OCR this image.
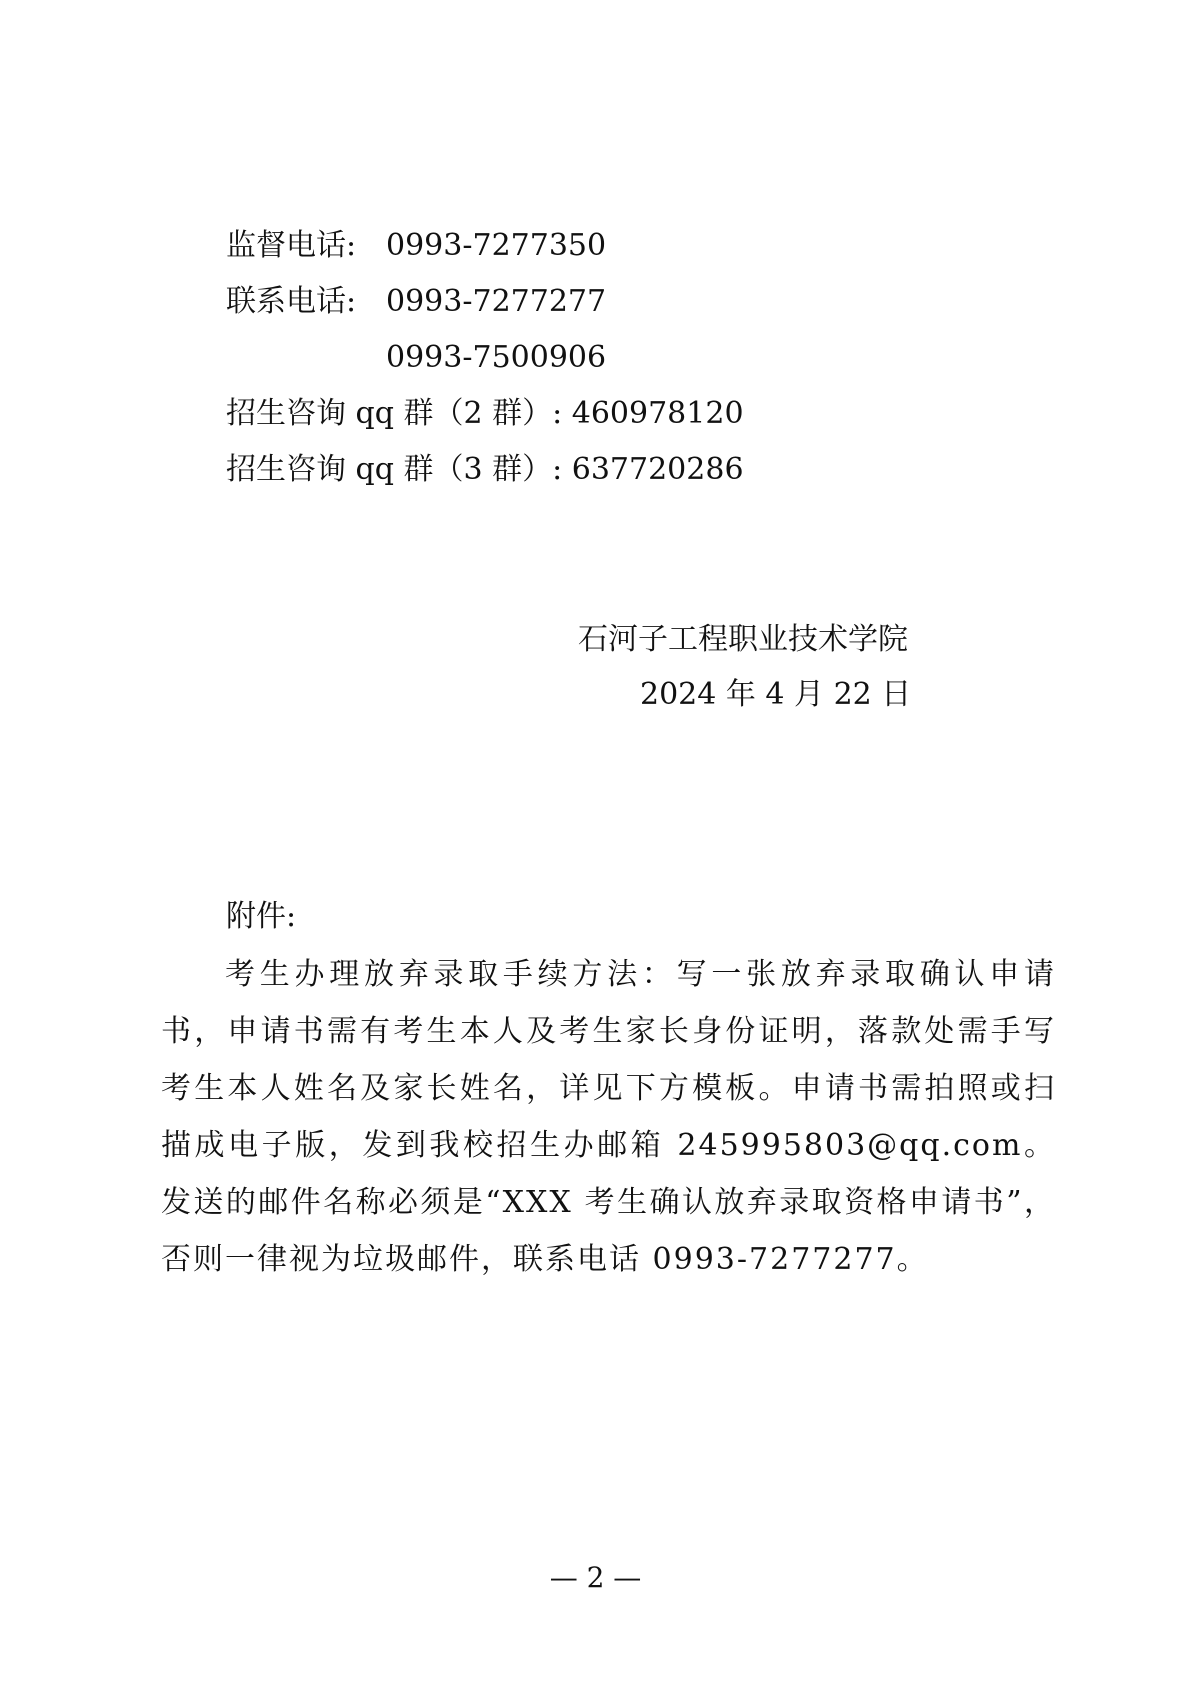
监督电话: 0993-7277350
联系电话: 0993-7277277
0993-7500906
招生咨询 qq 群（2 群）: 460978120
招生咨询 qq 群（3 群）: 637720286
石河子工程职业技术学院
2024 年 4 月 22 日
附件:

考生办理放弃录取手续方法：写一张放弃录取确认申请书，申请书需有考生本人及考生家长身份证明，落款处需手写考生本人姓名及家长姓名，详见下方模板。申请书需拍照或扫描成电子版，发到我校招生办邮箱 245995803@qq.com。发送的邮件名称必须是“XXX 考生确认放弃录取资格申请书”，否则一律视为垃圾邮件，联系电话 0993-7277277。

— 2 —
